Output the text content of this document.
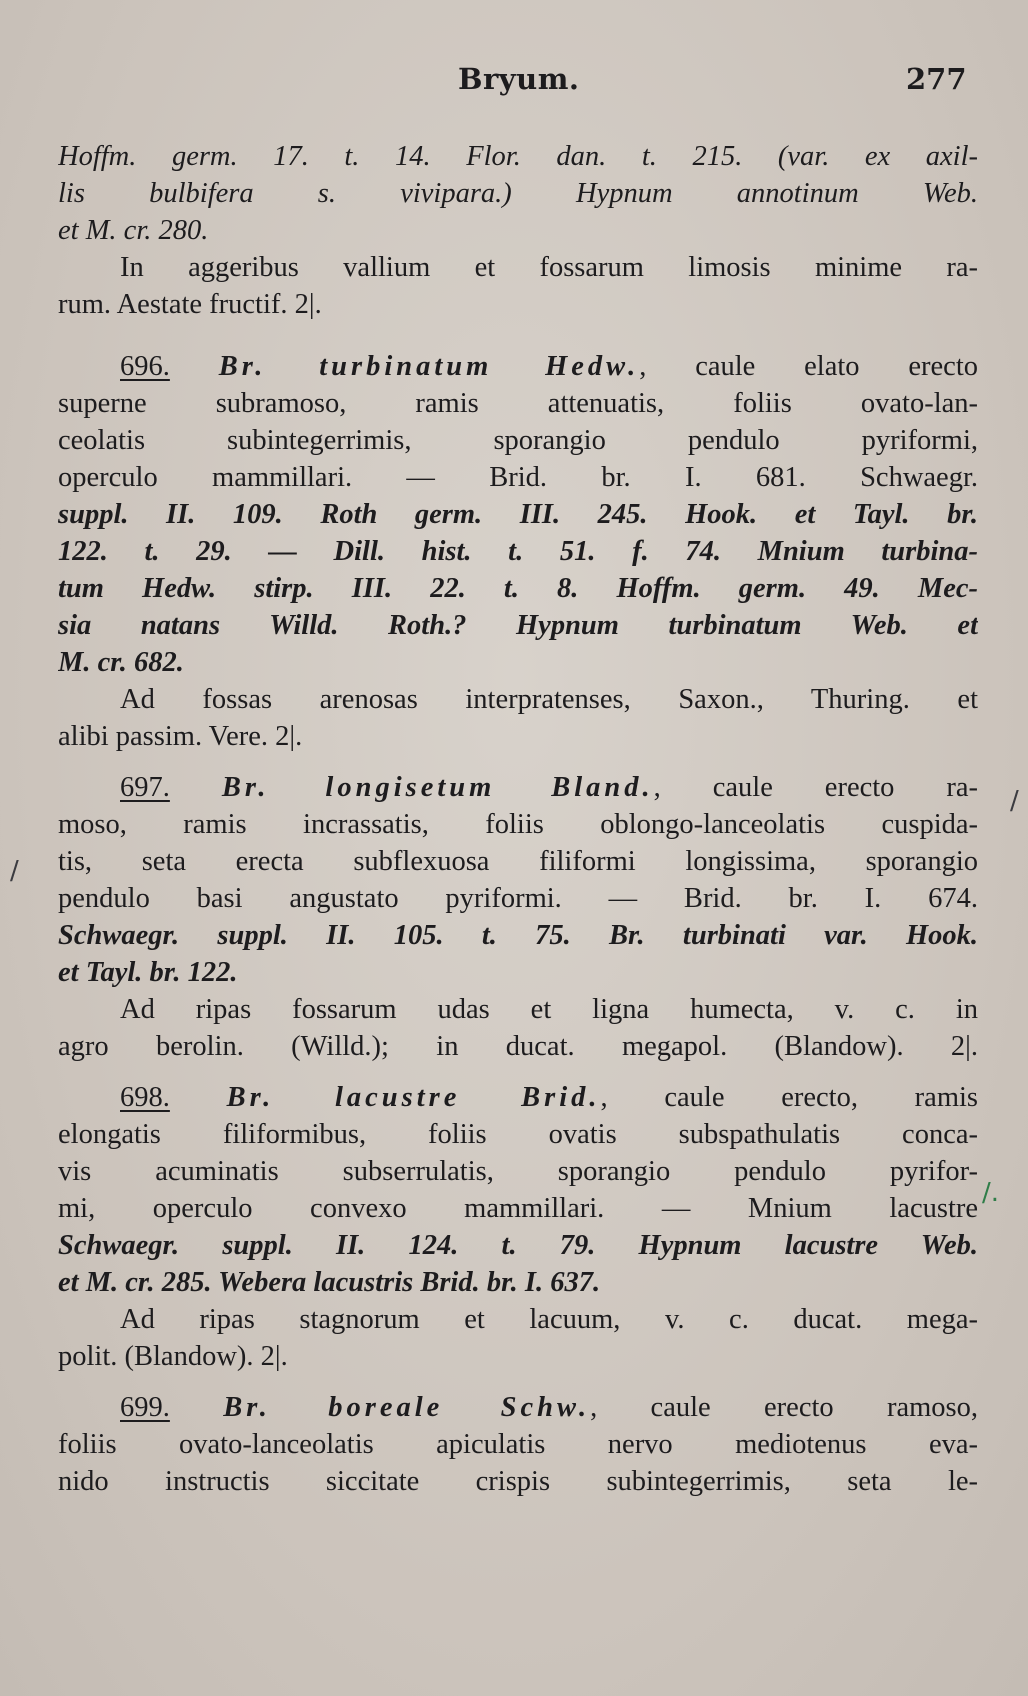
Bryum.	277
Hoffm. germ. 17. t. 14. Flor. dan. t. 215. (var. ex axil-
lis bulbifera s. vivipara.) Hypnum annotinum Web.
et M. cr. 280.
In aggeribus vallium et fossarum limosis minime ra-
rum. Aestate fructif. 2|.
696. Br. turbinatum Hedw., caule elato erecto
superne subramoso, ramis attenuatis, foliis ovato-lan-
ceolatis subintegerrimis, sporangio pendulo pyriformi,
operculo mammillari. — Brid. br. I. 681. Schwaegr.
suppl. II. 109. Roth germ. III. 245. Hook. et Tayl. br.
122. t. 29. — Dill. hist. t. 51. f. 74. Mnium turbina-
tum Hedw. stirp. III. 22. t. 8. Hoffm. germ. 49. Mec-
sia natans Willd. Roth.? Hypnum turbinatum Web. et
M. cr. 682.
Ad fossas arenosas interpratenses, Saxon., Thuring. et
alibi passim. Vere. 2|.
697. Br. longisetum Bland., caule erecto ra-
moso, ramis incrassatis, foliis oblongo-lanceolatis cuspida-
tis, seta erecta subflexuosa filiformi longissima, sporangio
pendulo basi angustato pyriformi. — Brid. br. I. 674.
Schwaegr. suppl. II. 105. t. 75. Br. turbinati var. Hook.
et Tayl. br. 122.
Ad ripas fossarum udas et ligna humecta, v. c. in
agro berolin. (Willd.); in ducat. megapol. (Blandow). 2|.
698. Br. lacustre Brid., caule erecto, ramis
elongatis filiformibus, foliis ovatis subspathulatis conca-
vis acuminatis subserrulatis, sporangio pendulo pyrifor-
mi, operculo convexo mammillari. — Mnium lacustre
Schwaegr. suppl. II. 124. t. 79. Hypnum lacustre Web.
et M. cr. 285. Webera lacustris Brid. br. I. 637.
Ad ripas stagnorum et lacuum, v. c. ducat. mega-
polit. (Blandow). 2|.
699. Br. boreale Schw., caule erecto ramoso,
foliis ovato-lanceolatis apiculatis nervo mediotenus eva-
nido instructis siccitate crispis subintegerrimis, seta le-
/
/.
/
